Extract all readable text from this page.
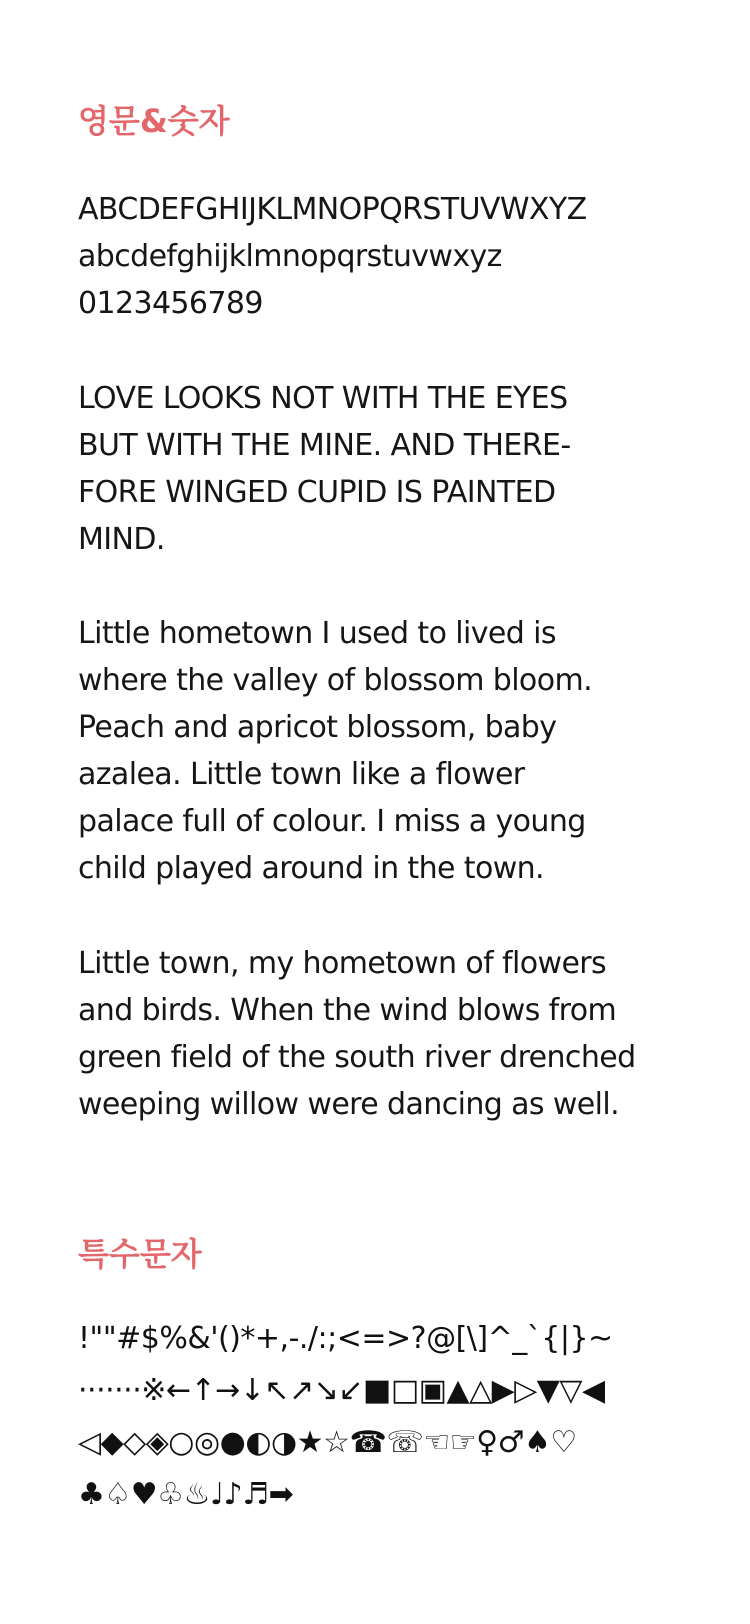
영문&숫자
ABCDEFGHIJKLMNOPQRSTUVWXYZ
abcdefghijklmnopqrstuvwxyz
0123456789
LOVE LOOKS NOT WITH THE EYES
BUT WITH THE MINE. AND THERE-
FORE WINGED CUPID IS PAINTED
MIND.
Little hometown I used to lived is
where the valley of blossom bloom.
Peach and apricot blossom, baby
azalea. Little town like a flower
palace full of colour. I miss a young
child played around in the town.
Little town, my hometown of flowers
and birds. When the wind blows from
green field of the south river drenched
weeping willow were dancing as well.
특수문자
!""#$%&'()*+,-./:;<=>?@[\]^_`{|}~
·······※←↑→↓↖↗↘↙■□▣▲△▶▷▼▽◀
◁◆◇◈○◎●◐◑★☆☎☏☜☞♀♂♠♡
♣♤♥♧♨♩♪♬➡
